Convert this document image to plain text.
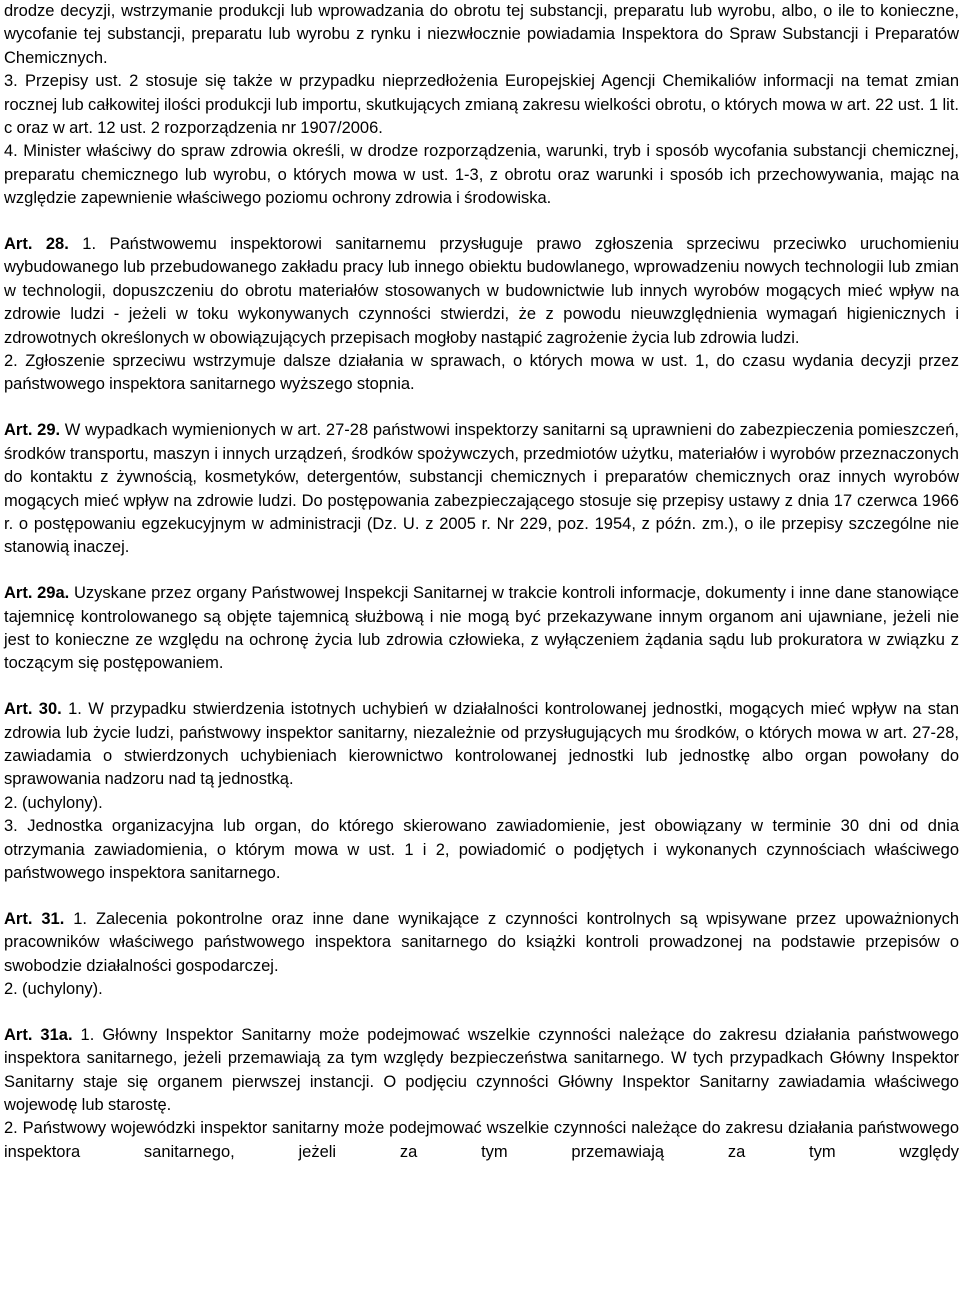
drodze decyzji, wstrzymanie produkcji lub wprowadzania do obrotu tej substancji, preparatu lub wyrobu, albo, o ile to konieczne, wycofanie tej substancji, preparatu lub wyrobu z rynku i niezwłocznie powiadamia Inspektora do Spraw Substancji i Preparatów Chemicznych.

3. Przepisy ust. 2 stosuje się także w przypadku nieprzedłożenia Europejskiej Agencji Chemikaliów informacji na temat zmian rocznej lub całkowitej ilości produkcji lub importu, skutkujących zmianą zakresu wielkości obrotu, o których mowa w art. 22 ust. 1 lit. c oraz w art. 12 ust. 2 rozporządzenia nr 1907/2006.

4. Minister właściwy do spraw zdrowia określi, w drodze rozporządzenia, warunki, tryb i sposób wycofania substancji chemicznej, preparatu chemicznego lub wyrobu, o których mowa w ust. 1-3, z obrotu oraz warunki i sposób ich przechowywania, mając na względzie zapewnienie właściwego poziomu ochrony zdrowia i środowiska.

Art. 28. 1. Państwowemu inspektorowi sanitarnemu przysługuje prawo zgłoszenia sprzeciwu przeciwko uruchomieniu wybudowanego lub przebudowanego zakładu pracy lub innego obiektu budowlanego, wprowadzeniu nowych technologii lub zmian w technologii, dopuszczeniu do obrotu materiałów stosowanych w budownictwie lub innych wyrobów mogących mieć wpływ na zdrowie ludzi - jeżeli w toku wykonywanych czynności stwierdzi, że z powodu nieuwzględnienia wymagań higienicznych i zdrowotnych określonych w obowiązujących przepisach mogłoby nastąpić zagrożenie życia lub zdrowia ludzi.

2. Zgłoszenie sprzeciwu wstrzymuje dalsze działania w sprawach, o których mowa w ust. 1, do czasu wydania decyzji przez państwowego inspektora sanitarnego wyższego stopnia.

Art. 29. W wypadkach wymienionych w art. 27-28 państwowi inspektorzy sanitarni są uprawnieni do zabezpieczenia pomieszczeń, środków transportu, maszyn i innych urządzeń, środków spożywczych, przedmiotów użytku, materiałów i wyrobów przeznaczonych do kontaktu z żywnością, kosmetyków, detergentów, substancji chemicznych i preparatów chemicznych oraz innych wyrobów mogących mieć wpływ na zdrowie ludzi. Do postępowania zabezpieczającego stosuje się przepisy ustawy z dnia 17 czerwca 1966 r. o postępowaniu egzekucyjnym w administracji (Dz. U. z 2005 r. Nr 229, poz. 1954, z późn. zm.), o ile przepisy szczególne nie stanowią inaczej.

Art. 29a. Uzyskane przez organy Państwowej Inspekcji Sanitarnej w trakcie kontroli informacje, dokumenty i inne dane stanowiące tajemnicę kontrolowanego są objęte tajemnicą służbową i nie mogą być przekazywane innym organom ani ujawniane, jeżeli nie jest to konieczne ze względu na ochronę życia lub zdrowia człowieka, z wyłączeniem żądania sądu lub prokuratora w związku z toczącym się postępowaniem.

Art. 30. 1. W przypadku stwierdzenia istotnych uchybień w działalności kontrolowanej jednostki, mogących mieć wpływ na stan zdrowia lub życie ludzi, państwowy inspektor sanitarny, niezależnie od przysługujących mu środków, o których mowa w art. 27-28, zawiadamia o stwierdzonych uchybieniach kierownictwo kontrolowanej jednostki lub jednostkę albo organ powołany do sprawowania nadzoru nad tą jednostką.

2. (uchylony).

3. Jednostka organizacyjna lub organ, do którego skierowano zawiadomienie, jest obowiązany w terminie 30 dni od dnia otrzymania zawiadomienia, o którym mowa w ust. 1 i 2, powiadomić o podjętych i wykonanych czynnościach właściwego państwowego inspektora sanitarnego.

Art. 31. 1. Zalecenia pokontrolne oraz inne dane wynikające z czynności kontrolnych są wpisywane przez upoważnionych pracowników właściwego państwowego inspektora sanitarnego do książki kontroli prowadzonej na podstawie przepisów o swobodzie działalności gospodarczej.

2. (uchylony).

Art. 31a. 1. Główny Inspektor Sanitarny może podejmować wszelkie czynności należące do zakresu działania państwowego inspektora sanitarnego, jeżeli przemawiają za tym względy bezpieczeństwa sanitarnego. W tych przypadkach Główny Inspektor Sanitarny staje się organem pierwszej instancji. O podjęciu czynności Główny Inspektor Sanitarny zawiadamia właściwego wojewodę lub starostę.

2. Państwowy wojewódzki inspektor sanitarny może podejmować wszelkie czynności należące do zakresu działania państwowego inspektora sanitarnego, jeżeli za tym przemawiają za tym względy
